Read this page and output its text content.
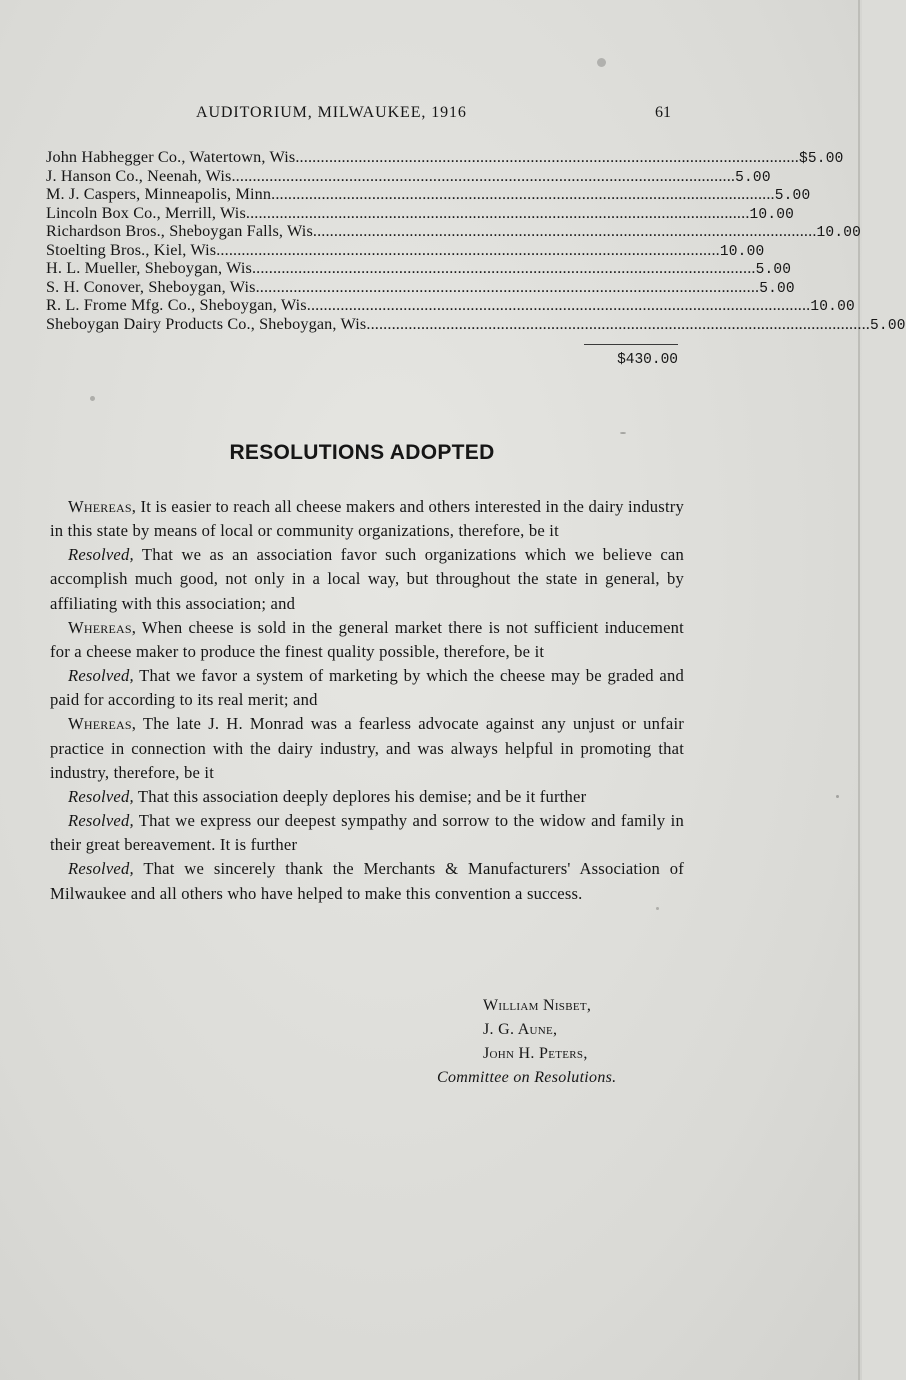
AUDITORIUM, MILWAUKEE, 1916	61
John Habhegger Co., Watertown, Wis........................................................................................................................ $5.00
J. Hanson Co., Neenah, Wis........................................................................................................................ 5.00
M. J. Caspers, Minneapolis, Minn........................................................................................................................ 5.00
Lincoln Box Co., Merrill, Wis........................................................................................................................ 10.00
Richardson Bros., Sheboygan Falls, Wis........................................................................................................................ 10.00
Stoelting Bros., Kiel, Wis........................................................................................................................ 10.00
H. L. Mueller, Sheboygan, Wis........................................................................................................................ 5.00
S. H. Conover, Sheboygan, Wis........................................................................................................................ 5.00
R. L. Frome Mfg. Co., Sheboygan, Wis........................................................................................................................ 10.00
Sheboygan Dairy Products Co., Sheboygan, Wis........................................................................................................................ 5.00
$430.00
RESOLUTIONS ADOPTED

Whereas, It is easier to reach all cheese makers and others interested in the dairy industry in this state by means of local or community organizations, therefore, be it

Resolved, That we as an association favor such organizations which we believe can accomplish much good, not only in a local way, but throughout the state in general, by affiliating with this association; and

Whereas, When cheese is sold in the general market there is not sufficient inducement for a cheese maker to produce the finest quality possible, therefore, be it

Resolved, That we favor a system of marketing by which the cheese may be graded and paid for according to its real merit; and

Whereas, The late J. H. Monrad was a fearless advocate against any unjust or unfair practice in connection with the dairy industry, and was always helpful in promoting that industry, therefore, be it

Resolved, That this association deeply deplores his demise; and be it further

Resolved, That we express our deepest sympathy and sorrow to the widow and family in their great bereavement. It is further

Resolved, That we sincerely thank the Merchants & Manufacturers' Association of Milwaukee and all others who have helped to make this convention a success.

William Nisbet,
J. G. Aune,
John H. Peters,
Committee on Resolutions.
